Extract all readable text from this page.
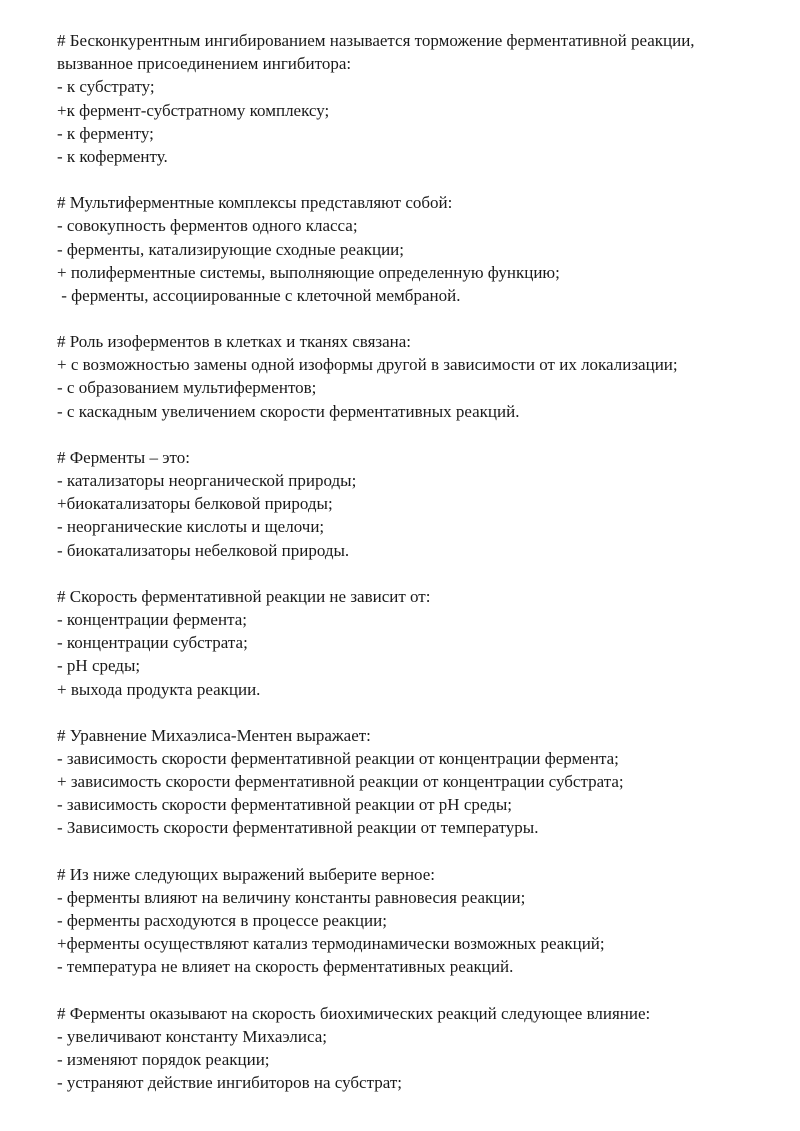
# Бесконкурентным ингибированием называется торможение ферментативной реакции,
вызванное присоединением ингибитора:
- к субстрату;
+к фермент-субстратному комплексу;
- к ферменту;
- к коферменту.
# Мультиферментные комплексы представляют собой:
- совокупность ферментов одного класса;
- ферменты, катализирующие сходные реакции;
+ полиферментные системы, выполняющие определенную функцию;
- ферменты, ассоциированные с клеточной мембраной.
# Роль изоферментов в клетках и тканях связана:
+ с возможностью замены одной изоформы другой в зависимости от их локализации;
- с образованием мультиферментов;
- с каскадным увеличением скорости ферментативных реакций.
# Ферменты – это:
- катализаторы неорганической природы;
+биокатализаторы белковой природы;
- неорганические кислоты и щелочи;
- биокатализаторы небелковой природы.
# Скорость ферментативной реакции не зависит от:
- концентрации фермента;
- концентрации субстрата;
- pH среды;
+ выхода продукта реакции.
# Уравнение Михаэлиса-Ментен выражает:
- зависимость скорости ферментативной реакции от концентрации фермента;
+ зависимость скорости ферментативной реакции от концентрации субстрата;
- зависимость скорости ферментативной реакции от pH среды;
- Зависимость скорости ферментативной реакции от температуры.
# Из ниже следующих выражений выберите верное:
- ферменты влияют на величину константы равновесия реакции;
- ферменты расходуются в процессе реакции;
+ферменты осуществляют катализ термодинамически возможных реакций;
- температура не влияет на скорость ферментативных реакций.
# Ферменты оказывают на скорость биохимических реакций следующее влияние:
- увеличивают константу Михаэлиса;
- изменяют порядок реакции;
- устраняют действие ингибиторов на субстрат;
